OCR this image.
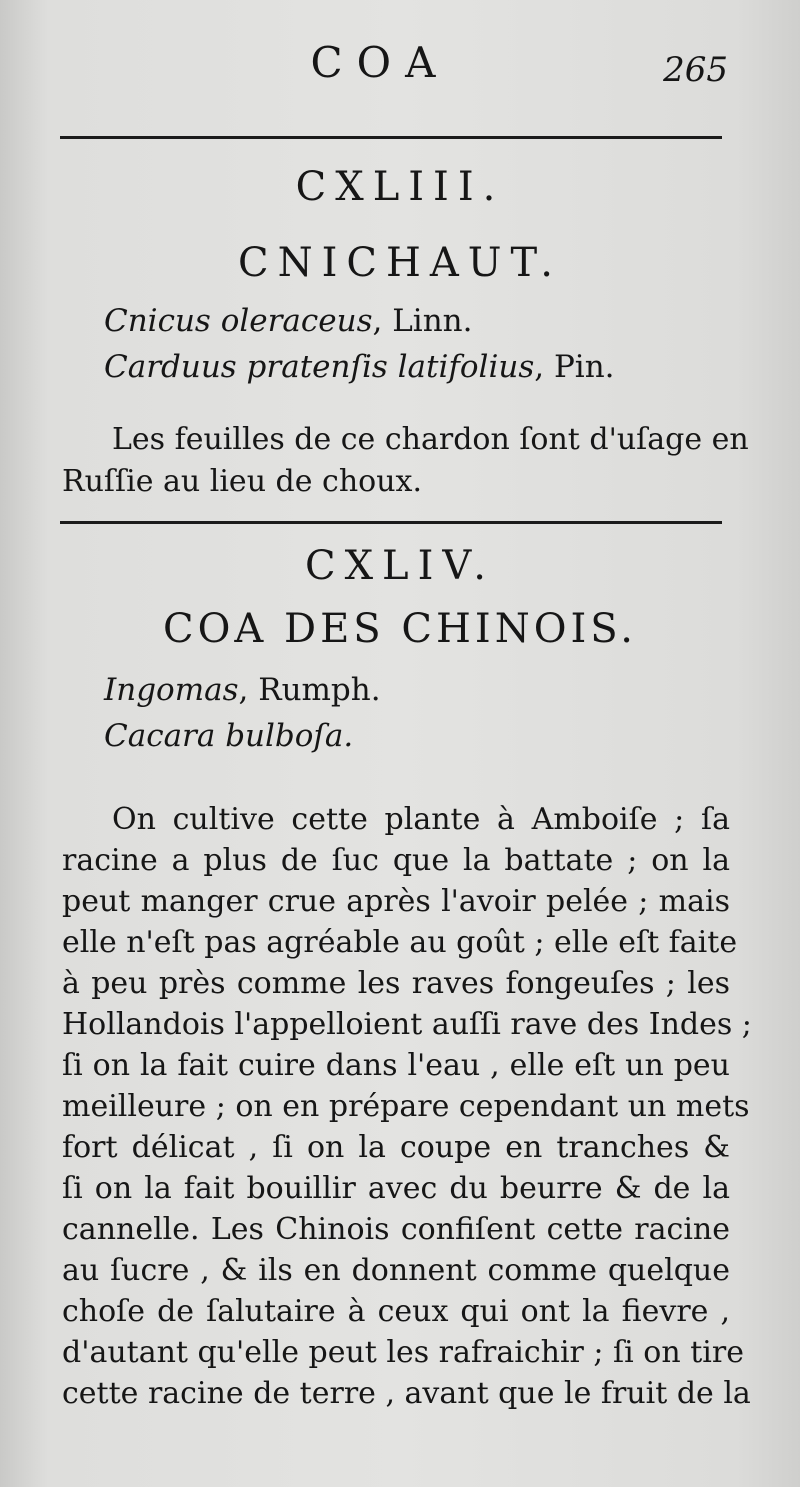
COA	265
CXLIII.
CNICHAUT.
Cnicus oleraceus, Linn.
Carduus pratenſis latifolius, Pin.
Les feuilles de ce chardon ſont d'uſage en
Ruſſie au lieu de choux.
CXLIV.
COA DES CHINOIS.
Ingomas, Rumph.
Cacara bulboſa.
On cultive cette plante à Amboiſe ; ſa
racine a plus de ſuc que la battate ; on la
peut manger crue après l'avoir pelée ; mais
elle n'eſt pas agréable au goût ; elle eſt faite
à peu près comme les raves fongeuſes ; les
Hollandois l'appelloient auſſi rave des Indes ;
ſi on la fait cuire dans l'eau , elle eſt un peu
meilleure ; on en prépare cependant un mets
fort délicat , ſi on la coupe en tranches &
ſi on la fait bouillir avec du beurre & de la
cannelle. Les Chinois confiſent cette racine
au ſucre , & ils en donnent comme quelque
choſe de ſalutaire à ceux qui ont la fievre ,
d'autant qu'elle peut les rafraichir ; ſi on tire
cette racine de terre , avant que le fruit de la
